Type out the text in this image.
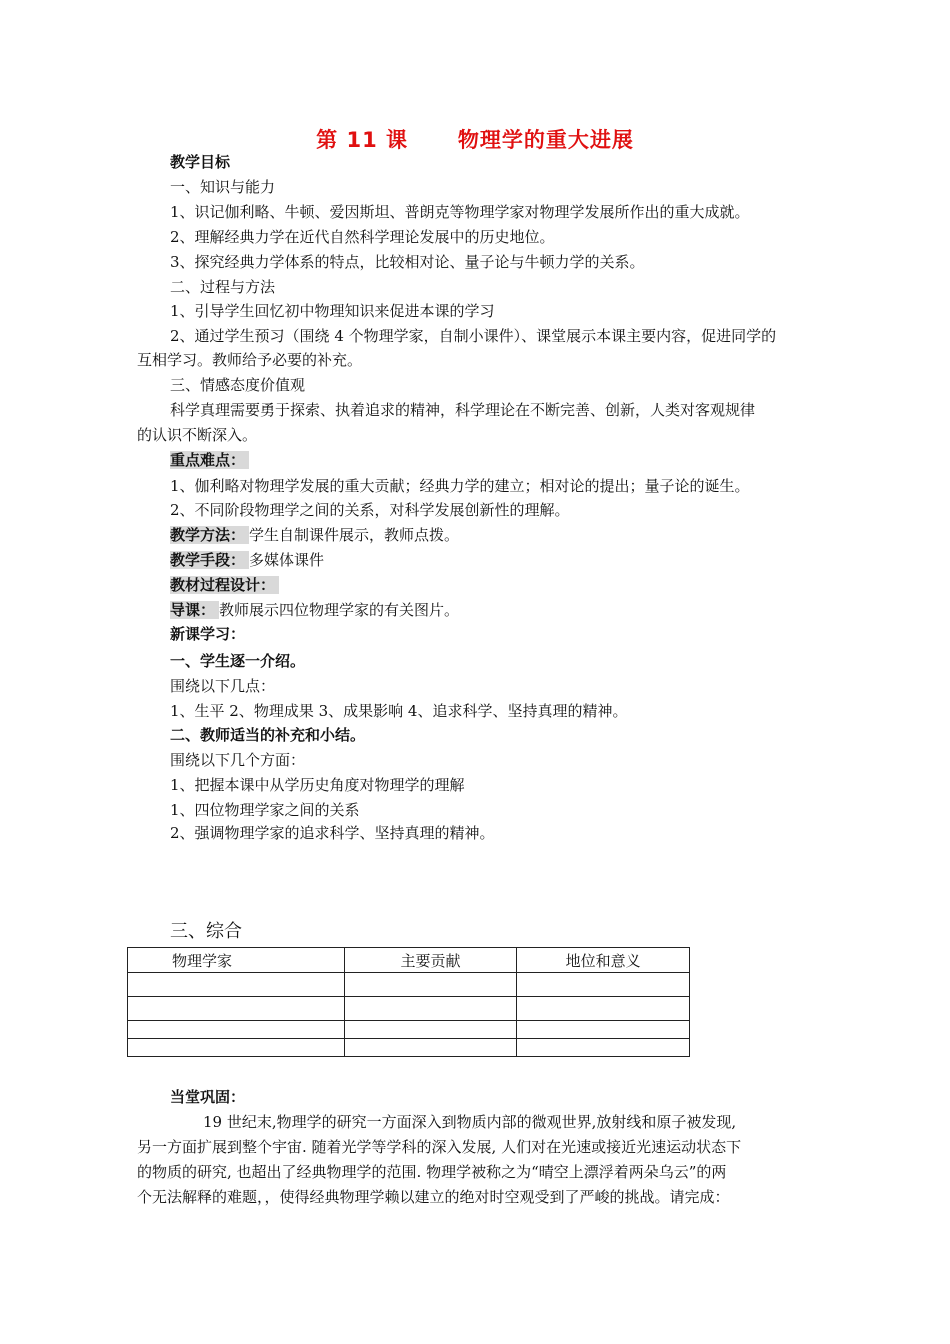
第 11 课      物理学的重大进展
教学目标
一、知识与能力
1、识记伽利略、牛顿、爱因斯坦、普朗克等物理学家对物理学发展所作出的重大成就。
2、理解经典力学在近代自然科学理论发展中的历史地位。
3、探究经典力学体系的特点，比较相对论、量子论与牛顿力学的关系。
二、过程与方法
1、引导学生回忆初中物理知识来促进本课的学习
2、通过学生预习（围绕 4 个物理学家，自制小课件）、课堂展示本课主要内容，促进同学的
互相学习。教师给予必要的补充。
三、情感态度价值观
科学真理需要勇于探索、执着追求的精神，科学理论在不断完善、创新，人类对客观规律
的认识不断深入。
重点难点：
1、伽利略对物理学发展的重大贡献；经典力学的建立；相对论的提出；量子论的诞生。
2、不同阶段物理学之间的关系，对科学发展创新性的理解。
教学方法： 学生自制课件展示，教师点拨。
教学手段： 多媒体课件
教材过程设计：
导课： 教师展示四位物理学家的有关图片。
新课学习：
一、学生逐一介绍。
围绕以下几点：
1、生平 2、物理成果 3、成果影响 4、追求科学、坚持真理的精神。
二、教师适当的补充和小结。
围绕以下几个方面：
1、把握本课中从学历史角度对物理学的理解
1、四位物理学家之间的关系
2、强调物理学家的追求科学、坚持真理的精神。
三、综合
物理学家	主要贡献	地位和意义

当堂巩固：
19 世纪末,物理学的研究一方面深入到物质内部的微观世界,放射线和原子被发现,
另一方面扩展到整个宇宙. 随着光学等学科的深入发展, 人们对在光速或接近光速运动状态下
的物质的研究, 也超出了经典物理学的范围. 物理学被称之为“晴空上漂浮着两朵乌云”的两
个无法解释的难题，，使得经典物理学赖以建立的绝对时空观受到了严峻的挑战。请完成：
